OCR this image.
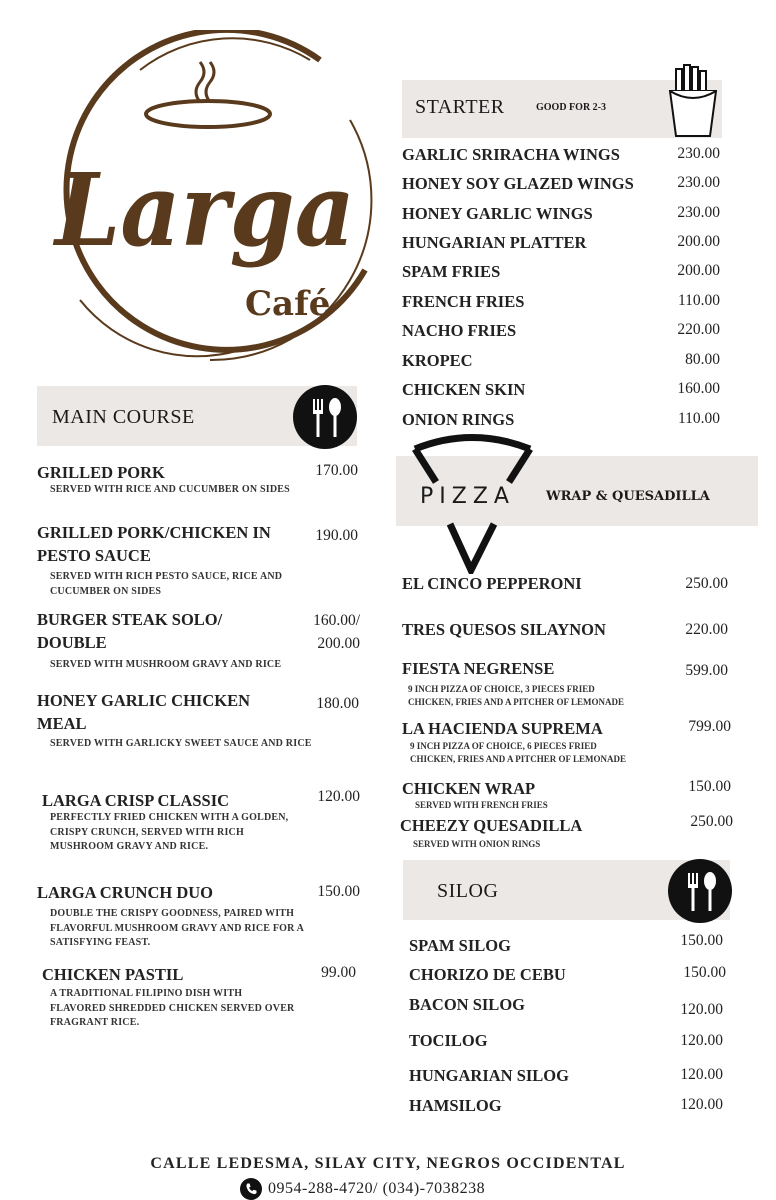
Larga
Café
MAIN COURSE
GRILLED PORK	170.00
SERVED WITH RICE AND CUCUMBER ON SIDES
GRILLED PORK/CHICKEN IN PESTO SAUCE
190.00
SERVED WITH RICH PESTO SAUCE, RICE AND CUCUMBER ON SIDES
BURGER STEAK SOLO/ DOUBLE
160.00/
200.00
SERVED WITH MUSHROOM GRAVY AND RICE
HONEY GARLIC CHICKEN MEAL
180.00
SERVED WITH GARLICKY SWEET SAUCE AND RICE
LARGA CRISP CLASSIC	120.00
PERFECTLY FRIED CHICKEN WITH A GOLDEN, CRISPY CRUNCH, SERVED WITH RICH MUSHROOM GRAVY AND RICE.
LARGA CRUNCH DUO	150.00
DOUBLE THE CRISPY GOODNESS, PAIRED WITH FLAVORFUL MUSHROOM GRAVY AND RICE FOR A SATISFYING FEAST.
CHICKEN PASTIL	99.00
A TRADITIONAL FILIPINO DISH WITH FLAVORED SHREDDED CHICKEN SERVED OVER FRAGRANT RICE.
STARTER	GOOD FOR 2-3
GARLIC SRIRACHA WINGS	230.00
HONEY SOY GLAZED WINGS	230.00
HONEY GARLIC WINGS	230.00
HUNGARIAN PLATTER	200.00
SPAM FRIES	200.00
FRENCH FRIES	110.00
NACHO FRIES	220.00
KROPEC	80.00
CHICKEN SKIN	160.00
ONION RINGS	110.00
PIZZA WRAP & QUESADILLA
EL CINCO PEPPERONI	250.00
TRES QUESOS SILAYNON	220.00
FIESTA NEGRENSE	599.00
9 INCH PIZZA OF CHOICE, 3 PIECES FRIED
CHICKEN, FRIES AND A PITCHER OF LEMONADE
LA HACIENDA SUPREMA	799.00
9 INCH PIZZA OF CHOICE, 6 PIECES FRIED
CHICKEN, FRIES AND A PITCHER OF LEMONADE
CHICKEN WRAP	150.00
SERVED WITH FRENCH FRIES
CHEEZY QUESADILLA	250.00
SERVED WITH ONION RINGS
SILOG
SPAM SILOG	150.00
CHORIZO DE CEBU	150.00
BACON SILOG	120.00
TOCILOG	120.00
HUNGARIAN SILOG	120.00
HAMSILOG	120.00
CALLE LEDESMA, SILAY CITY, NEGROS OCCIDENTAL
0954-288-4720/ (034)-7038238
